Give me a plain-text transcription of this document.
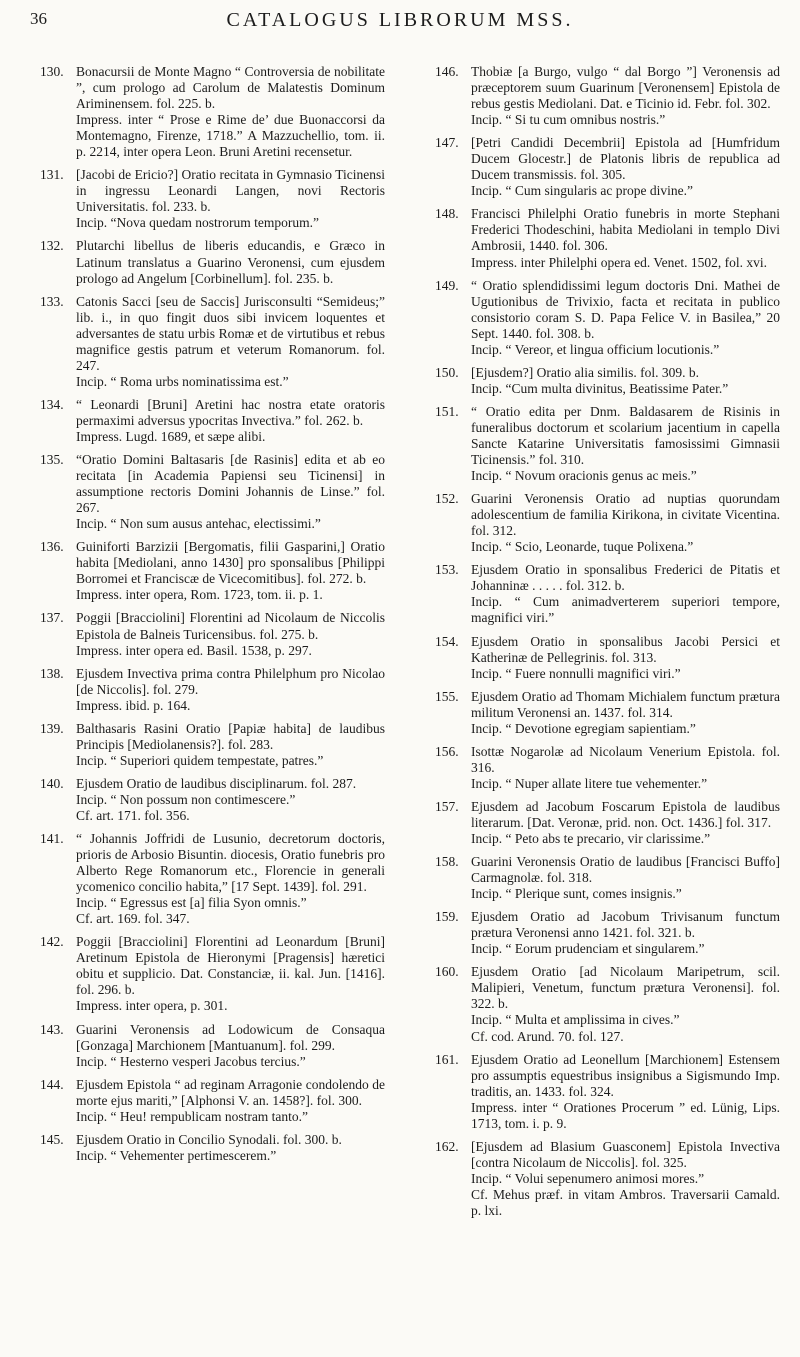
36	CATALOGUS LIBRORUM MSS.
130. Bonacursii de Monte Magno “ Controversia de nobilitate ”, cum prologo ad Carolum de Malatestis Dominum Ariminensem. fol. 225. b.

Impress. inter “ Prose e Rime de’ due Buonaccorsi da Montemagno, Firenze, 1718.” A Mazzuchellio, tom. ii. p. 2214, inter opera Leon. Bruni Aretini recensetur.

131. [Jacobi de Ericio?] Oratio recitata in Gymnasio Ticinensi in ingressu Leonardi Langen, novi Rectoris Universitatis. fol. 233. b.

Incip. “Nova quedam nostrorum temporum.”

132. Plutarchi libellus de liberis educandis, e Græco in Latinum translatus a Guarino Veronensi, cum ejusdem prologo ad Angelum [Corbinellum]. fol. 235. b.

133. Catonis Sacci [seu de Saccis] Jurisconsulti “Semideus;” lib. i., in quo fingit duos sibi invicem loquentes et adversantes de statu urbis Romæ et de virtutibus et rebus magnifice gestis patrum et veterum Romanorum. fol. 247.

Incip. “ Roma urbs nominatissima est.”

134. “ Leonardi [Bruni] Aretini hac nostra etate oratoris permaximi adversus ypocritas Invectiva.” fol. 262. b.

Impress. Lugd. 1689, et sæpe alibi.

135. “Oratio Domini Baltasaris [de Rasinis] edita et ab eo recitata [in Academia Papiensi seu Ticinensi] in assumptione rectoris Domini Johannis de Linse.” fol. 267.

Incip. “ Non sum ausus antehac, electissimi.”

136. Guiniforti Barzizii [Bergomatis, filii Gasparini,] Oratio habita [Mediolani, anno 1430] pro sponsalibus [Philippi Borromei et Franciscæ de Vicecomitibus]. fol. 272. b.

Impress. inter opera, Rom. 1723, tom. ii. p. 1.

137. Poggii [Bracciolini] Florentini ad Nicolaum de Niccolis Epistola de Balneis Turicensibus. fol. 275. b.

Impress. inter opera ed. Basil. 1538, p. 297.

138. Ejusdem Invectiva prima contra Philelphum pro Nicolao [de Niccolis]. fol. 279.

Impress. ibid. p. 164.

139. Balthasaris Rasini Oratio [Papiæ habita] de laudibus Principis [Mediolanensis?]. fol. 283.

Incip. “ Superiori quidem tempestate, patres.”

140. Ejusdem Oratio de laudibus disciplinarum. fol. 287.

Incip. “ Non possum non contimescere.”

Cf. art. 171. fol. 356.

141. “ Johannis Joffridi de Lusunio, decretorum doctoris, prioris de Arbosio Bisuntin. diocesis, Oratio funebris pro Alberto Rege Romanorum etc., Florencie in generali ycomenico concilio habita,” [17 Sept. 1439]. fol. 291.

Incip. “ Egressus est [a] filia Syon omnis.”

Cf. art. 169. fol. 347.

142. Poggii [Bracciolini] Florentini ad Leonardum [Bruni] Aretinum Epistola de Hieronymi [Pragensis] hæretici obitu et supplicio. Dat. Constanciæ, ii. kal. Jun. [1416]. fol. 296. b.

Impress. inter opera, p. 301.

143. Guarini Veronensis ad Lodowicum de Consaqua [Gonzaga] Marchionem [Mantuanum]. fol. 299.

Incip. “ Hesterno vesperi Jacobus tercius.”

144. Ejusdem Epistola “ ad reginam Arragonie condolendo de morte ejus mariti,” [Alphonsi V. an. 1458?]. fol. 300.

Incip. “ Heu! rempublicam nostram tanto.”

145. Ejusdem Oratio in Concilio Synodali. fol. 300. b.

Incip. “ Vehementer pertimescerem.”

146. Thobiæ [a Burgo, vulgo “ dal Borgo ”] Veronensis ad præceptorem suum Guarinum [Veronensem] Epistola de rebus gestis Mediolani. Dat. e Ticinio id. Febr. fol. 302.

Incip. “ Si tu cum omnibus nostris.”

147. [Petri Candidi Decembrii] Epistola ad [Humfridum Ducem Glocestr.] de Platonis libris de republica ad Ducem transmissis. fol. 305.

Incip. “ Cum singularis ac prope divine.”

148. Francisci Philelphi Oratio funebris in morte Stephani Frederici Thodeschini, habita Mediolani in templo Divi Ambrosii, 1440. fol. 306.

Impress. inter Philelphi opera ed. Venet. 1502, fol. xvi.

149. “ Oratio splendidissimi legum doctoris Dni. Mathei de Ugutionibus de Trivixio, facta et recitata in publico consistorio coram S. D. Papa Felice V. in Basilea,” 20 Sept. 1440. fol. 308. b.

Incip. “ Vereor, et lingua officium locutionis.”

150. [Ejusdem?] Oratio alia similis. fol. 309. b.

Incip. “Cum multa divinitus, Beatissime Pater.”

151. “ Oratio edita per Dnm. Baldasarem de Risinis in funeralibus doctorum et scolarium jacentium in capella Sancte Katarine Universitatis famosissimi Gimnasii Ticinensis.” fol. 310.

Incip. “ Novum oracionis genus ac meis.”

152. Guarini Veronensis Oratio ad nuptias quorundam adolescentium de familia Kirikona, in civitate Vicentina. fol. 312.

Incip. “ Scio, Leonarde, tuque Polixena.”

153. Ejusdem Oratio in sponsalibus Frederici de Pitatis et Johanninæ . . . . . fol. 312. b.

Incip. “ Cum animadverterem superiori tempore, magnifici viri.”

154. Ejusdem Oratio in sponsalibus Jacobi Persici et Katherinæ de Pellegrinis. fol. 313.

Incip. “ Fuere nonnulli magnifici viri.”

155. Ejusdem Oratio ad Thomam Michialem functum prætura militum Veronensi an. 1437. fol. 314.

Incip. “ Devotione egregiam sapientiam.”

156. Isottæ Nogarolæ ad Nicolaum Venerium Epistola. fol. 316.

Incip. “ Nuper allate litere tue vehementer.”

157. Ejusdem ad Jacobum Foscarum Epistola de laudibus literarum. [Dat. Veronæ, prid. non. Oct. 1436.] fol. 317.

Incip. “ Peto abs te precario, vir clarissime.”

158. Guarini Veronensis Oratio de laudibus [Francisci Buffo] Carmagnolæ. fol. 318.

Incip. “ Plerique sunt, comes insignis.”

159. Ejusdem Oratio ad Jacobum Trivisanum functum prætura Veronensi anno 1421. fol. 321. b.

Incip. “ Eorum prudenciam et singularem.”

160. Ejusdem Oratio [ad Nicolaum Maripetrum, scil. Malipieri, Venetum, functum prætura Veronensi]. fol. 322. b.

Incip. “ Multa et amplissima in cives.”

Cf. cod. Arund. 70. fol. 127.

161. Ejusdem Oratio ad Leonellum [Marchionem] Estensem pro assumptis equestribus insignibus a Sigismundo Imp. traditis, an. 1433. fol. 324.

Impress. inter “ Orationes Procerum ” ed. Lünig, Lips. 1713, tom. i. p. 9.

162. [Ejusdem ad Blasium Guasconem] Epistola Invectiva [contra Nicolaum de Niccolis]. fol. 325.

Incip. “ Volui sepenumero animosi mores.”

Cf. Mehus præf. in vitam Ambros. Traversarii Camald. p. lxi.
